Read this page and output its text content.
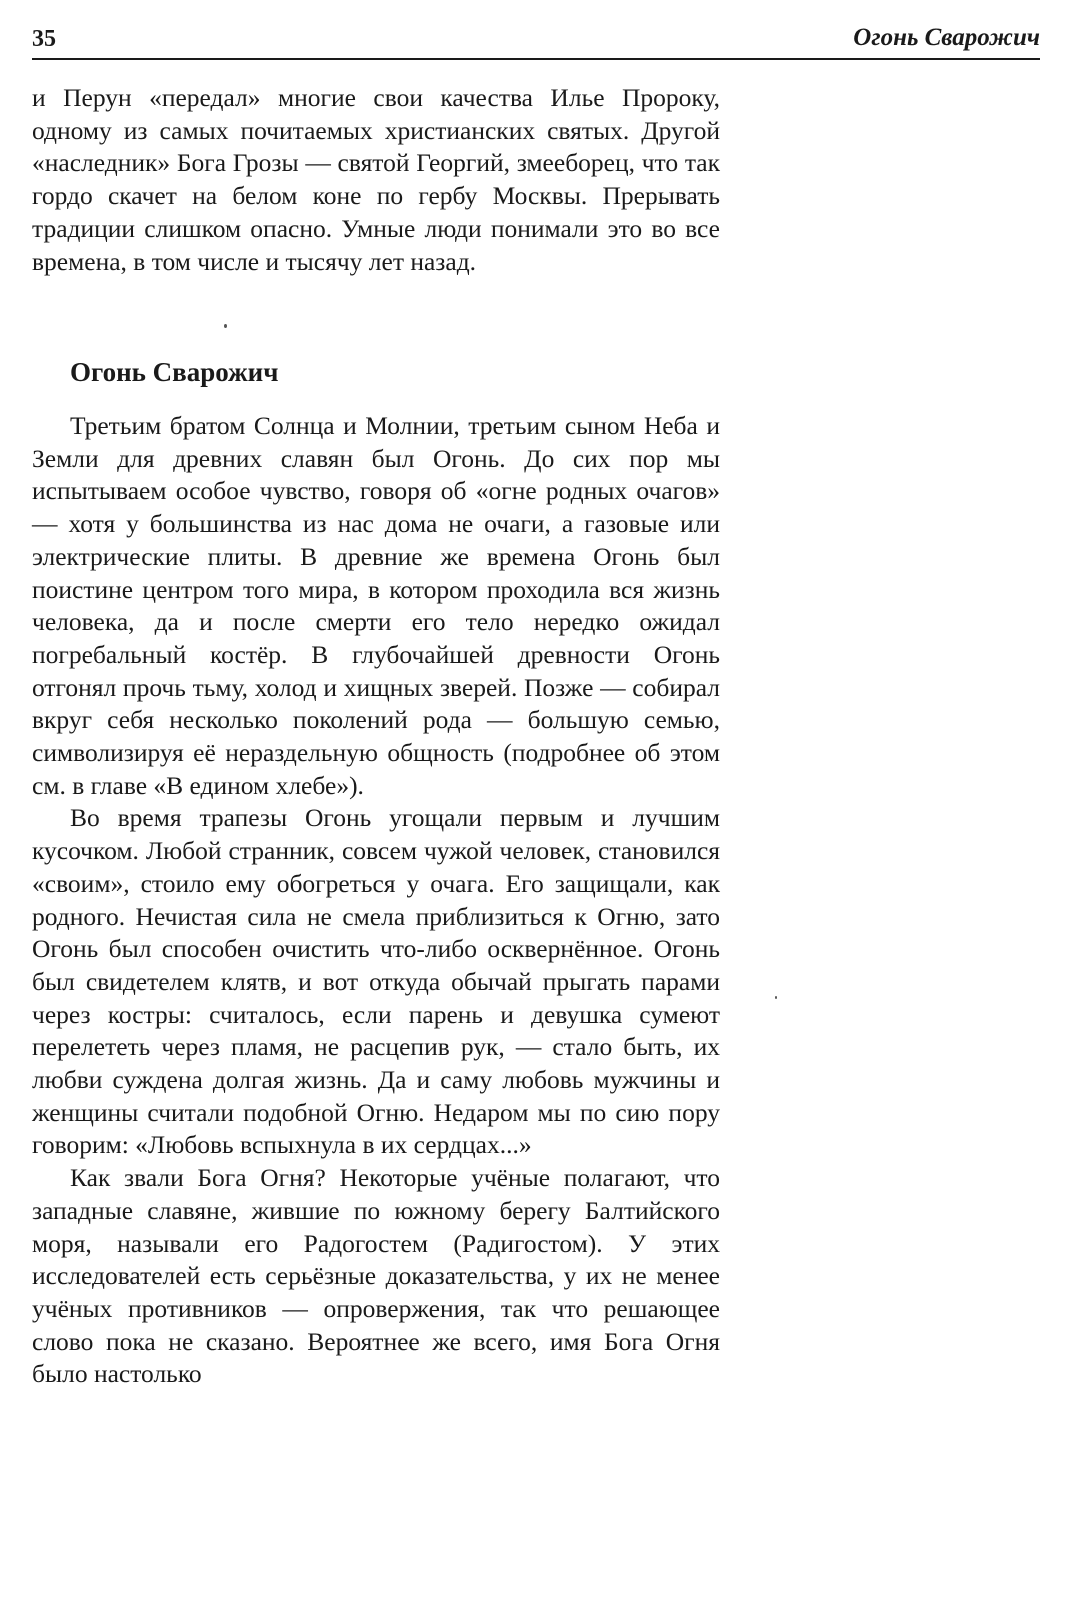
35	Огонь Сварожич

и Перун «передал» многие свои качества Илье Пророку, одному из самых почитаемых христианских святых. Другой «наследник» Бога Грозы — святой Георгий, змееборец, что так гордо скачет на белом коне по гербу Москвы. Прерывать традиции слишком опасно. Умные люди понимали это во все времена, в том числе и тысячу лет назад.

Огонь Сварожич

Третьим братом Солнца и Молнии, третьим сыном Неба и Земли для древних славян был Огонь. До сих пор мы испытываем особое чувство, говоря об «огне родных очагов» — хотя у большинства из нас дома не очаги, а газовые или электрические плиты. В древние же времена Огонь был поистине центром того мира, в котором проходила вся жизнь человека, да и после смерти его тело нередко ожидал погребальный костёр. В глубочайшей древности Огонь отгонял прочь тьму, холод и хищных зверей. Позже — собирал вкруг себя несколько поколений рода — большую семью, символизируя её нераздельную общность (подробнее об этом см. в главе «В едином хлебе»).

Во время трапезы Огонь угощали первым и лучшим кусочком. Любой странник, совсем чужой человек, становился «своим», стоило ему обогреться у очага. Его защищали, как родного. Нечистая сила не смела приблизиться к Огню, зато Огонь был способен очистить что-либо осквернённое. Огонь был свидетелем клятв, и вот откуда обычай прыгать парами через костры: считалось, если парень и девушка сумеют перелететь через пламя, не расцепив рук, — стало быть, их любви суждена долгая жизнь. Да и саму любовь мужчины и женщины считали подобной Огню. Недаром мы по сию пору говорим: «Любовь вспыхнула в их сердцах...»

Как звали Бога Огня? Некоторые учёные полагают, что западные славяне, жившие по южному берегу Балтийского моря, называли его Радогостем (Радигостом). У этих исследователей есть серьёзные доказательства, у их не менее учёных противников — опровержения, так что решающее слово пока не сказано. Вероятнее же всего, имя Бога Огня было настолько
